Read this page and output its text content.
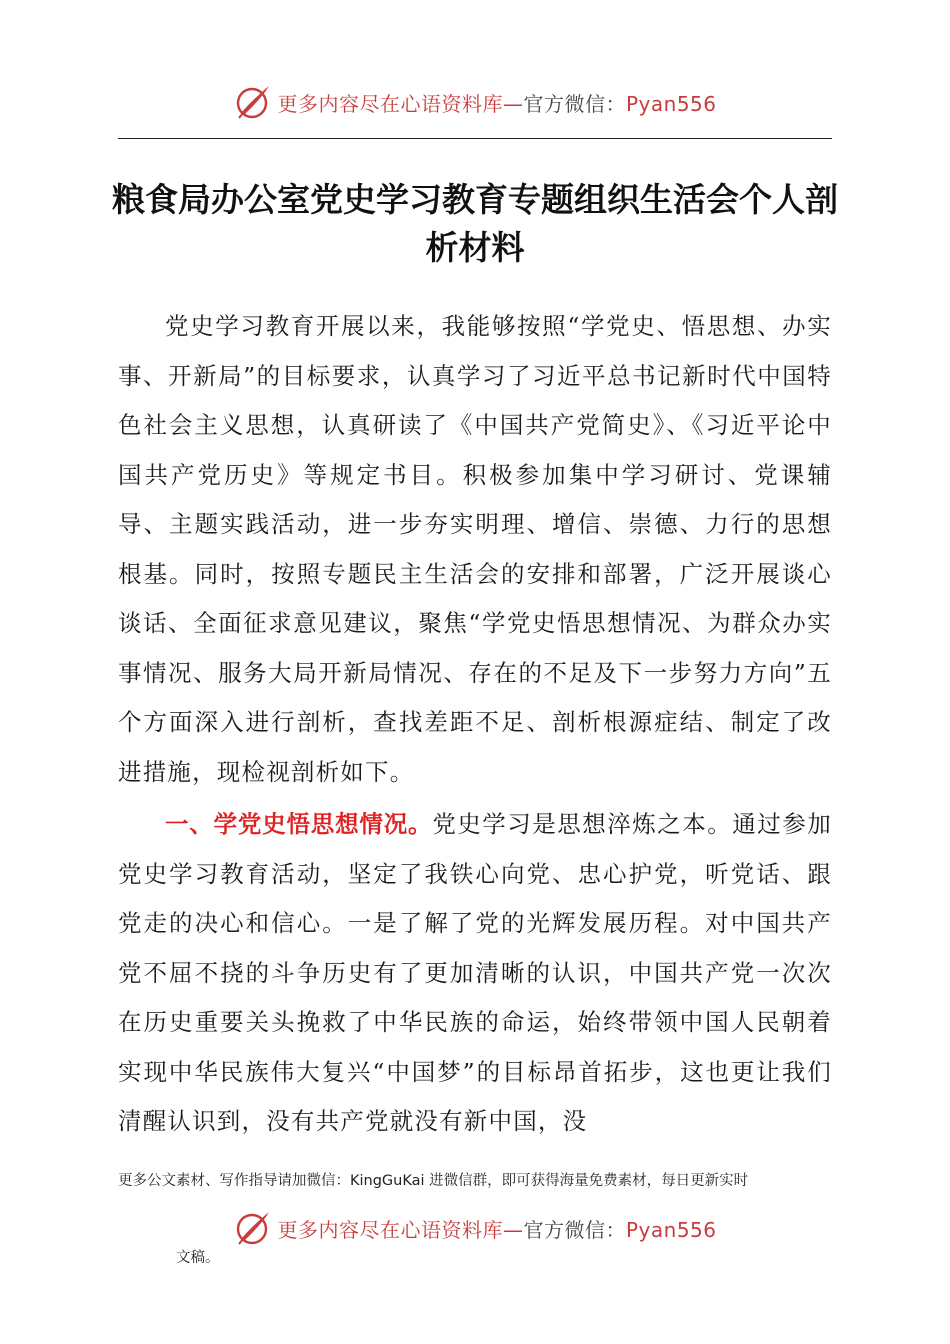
更多内容尽在心语资料库—官方微信：Pyan556
粮食局办公室党史学习教育专题组织生活会个人剖析材料

党史学习教育开展以来，我能够按照“学党史、悟思想、办实事、开新局”的目标要求，认真学习了习近平总书记新时代中国特色社会主义思想，认真研读了《中国共产党简史》、《习近平论中国共产党历史》等规定书目。积极参加集中学习研讨、党课辅导、主题实践活动，进一步夯实明理、增信、崇德、力行的思想根基。同时，按照专题民主生活会的安排和部署，广泛开展谈心谈话、全面征求意见建议，聚焦“学党史悟思想情况、为群众办实事情况、服务大局开新局情况、存在的不足及下一步努力方向”五个方面深入进行剖析，查找差距不足、剖析根源症结、制定了改进措施，现检视剖析如下。

一、学党史悟思想情况。党史学习是思想淬炼之本。通过参加党史学习教育活动，坚定了我铁心向党、忠心护党，听党话、跟党走的决心和信心。一是了解了党的光辉发展历程。对中国共产党不屈不挠的斗争历史有了更加清晰的认识，中国共产党一次次在历史重要关头挽救了中华民族的命运，始终带领中国人民朝着实现中华民族伟大复兴“中国梦”的目标昂首拓步，这也更让我们清醒认识到，没有共产党就没有新中国，没

更多公文素材、写作指导请加微信：KingGuKai 进微信群，即可获得海量免费素材，每日更新实时
更多内容尽在心语资料库—官方微信：Pyan556
文稿。
